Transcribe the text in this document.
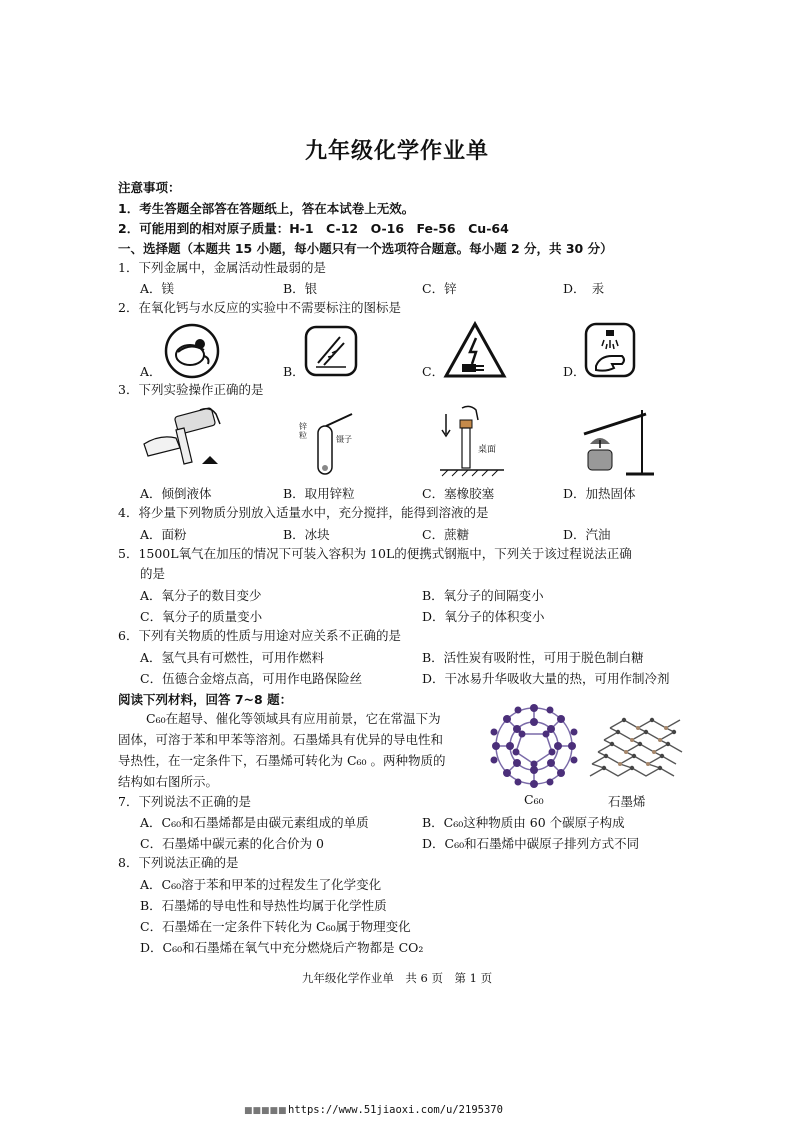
九年级化学作业单
注意事项：
1．考生答题全部答在答题纸上，答在本试卷上无效。
2．可能用到的相对原子质量：H-1　C-12　O-16　Fe-56　Cu-64
一、选择题（本题共 15 小题，每小题只有一个选项符合题意。每小题 2 分，共 30 分）
1．下列金属中，金属活动性最弱的是
A．镁	B．银	C．锌	D．　汞
2．在氧化钙与水反应的实验中不需要标注的图标是
A．	B．	C．	D．
3．下列实验操作正确的是
锌粒	镊子
桌面
A．倾倒液体	B．取用锌粒	C．塞橡胶塞	D．加热固体
4．将少量下列物质分别放入适量水中，充分搅拌，能得到溶液的是
A．面粉	B．冰块	C．蔗糖	D．汽油
5．1500L氧气在加压的情况下可装入容积为 10L的便携式钢瓶中，下列关于该过程说法正确
的是
A．氧分子的数目变少	B．氧分子的间隔变小
C．氧分子的质量变小	D．氧分子的体积变小
6．下列有关物质的性质与用途对应关系不正确的是
A．氢气具有可燃性，可用作燃料	B．活性炭有吸附性，可用于脱色制白糖
C．伍德合金熔点高，可用作电路保险丝	D．干冰易升华吸收大量的热，可用作制冷剂
阅读下列材料，回答 7~8 题：
C₆₀在超导、催化等领域具有应用前景，它在常温下为
固体，可溶于苯和甲苯等溶剂。石墨烯具有优异的导电性和
导热性，在一定条件下，石墨烯可转化为 C₆₀ 。两种物质的
结构如右图所示。
C₆₀	石墨烯
7．下列说法不正确的是
A．C₆₀和石墨烯都是由碳元素组成的单质	B．C₆₀这种物质由 60 个碳原子构成
C．石墨烯中碳元素的化合价为 0	D．C₆₀和石墨烯中碳原子排列方式不同
8．下列说法正确的是
A．C₆₀溶于苯和甲苯的过程发生了化学变化
B．石墨烯的导电性和导热性均属于化学性质
C．石墨烯在一定条件下转化为 C₆₀属于物理变化
D．C₆₀和石墨烯在氧气中充分燃烧后产物都是 CO₂
九年级化学作业单　共 6 页　第 1 页
■■■■■ https://www.51jiaoxi.com/u/2195370
